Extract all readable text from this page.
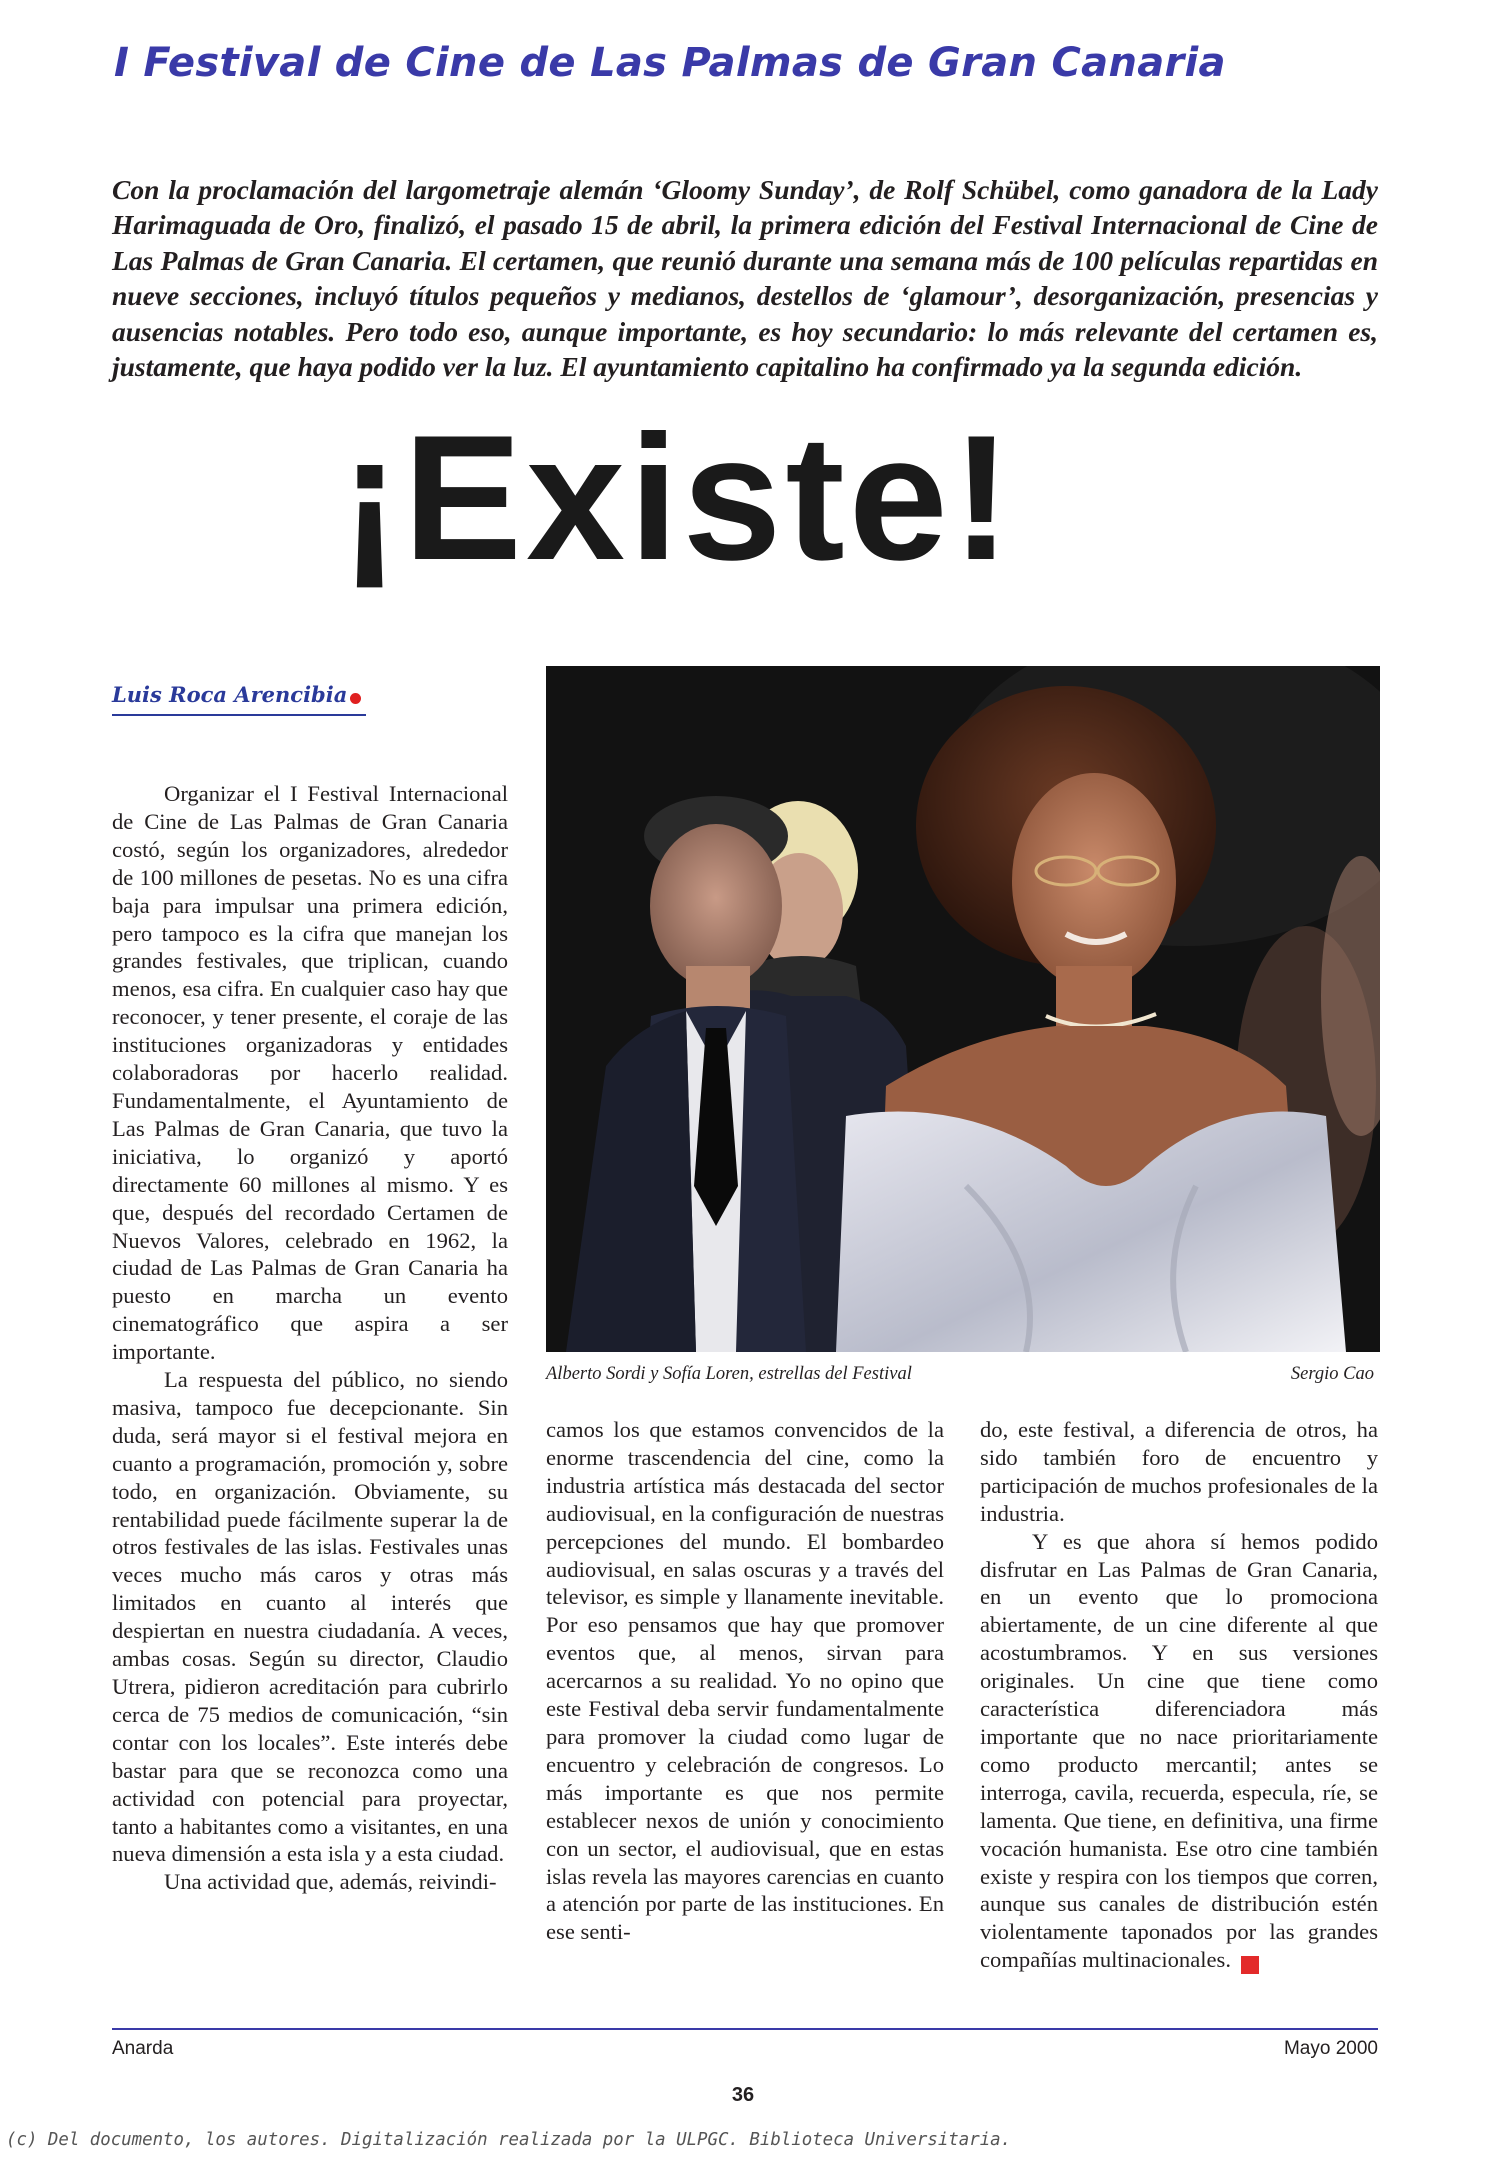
I Festival de Cine de Las Palmas de Gran Canaria
Con la proclamación del largometraje alemán ‘Gloomy Sunday’, de Rolf Schübel, como ganadora de la Lady Harimaguada de Oro, finalizó, el pasado 15 de abril, la primera edición del Festival Internacional de Cine de Las Palmas de Gran Canaria. El certamen, que reunió durante una semana más de 100 películas repartidas en nueve secciones, incluyó títulos pequeños y medianos, destellos de ‘glamour’, desorganización, presencias y ausencias notables. Pero todo eso, aunque importante, es hoy secundario: lo más relevante del certamen es, justamente, que haya podido ver la luz. El ayuntamiento capitalino ha confirmado ya la segunda edición.
¡Existe!
Luis Roca Arencibia
Alberto Sordi y Sofía Loren, estrellas del Festival	Sergio Cao

Organizar el I Festival Internacional de Cine de Las Palmas de Gran Canaria costó, según los organizadores, alrededor de 100 millones de pesetas. No es una cifra baja para impulsar una primera edición, pero tampoco es la cifra que manejan los grandes festivales, que triplican, cuando menos, esa cifra. En cualquier caso hay que reconocer, y tener presente, el coraje de las instituciones organizadoras y entidades colaboradoras por hacerlo realidad. Fundamentalmente, el Ayuntamiento de Las Palmas de Gran Canaria, que tuvo la iniciativa, lo organizó y aportó directamente 60 millones al mismo. Y es que, después del recordado Certamen de Nuevos Valores, celebrado en 1962, la ciudad de Las Palmas de Gran Canaria ha puesto en marcha un evento cinematográfico que aspira a ser importante.

La respuesta del público, no siendo masiva, tampoco fue decepcionante. Sin duda, será mayor si el festival mejora en cuanto a programación, promoción y, sobre todo, en organización. Obviamente, su rentabilidad puede fácilmente superar la de otros festivales de las islas. Festivales unas veces mucho más caros y otras más limitados en cuanto al interés que despiertan en nuestra ciudadanía. A veces, ambas cosas. Según su director, Claudio Utrera, pidieron acreditación para cubrirlo cerca de 75 medios de comunicación, “sin contar con los locales”. Este interés debe bastar para que se reconozca como una actividad con potencial para proyectar, tanto a habitantes como a visitantes, en una nueva dimensión a esta isla y a esta ciudad.

Una actividad que, además, reivindi-

camos los que estamos convencidos de la enorme trascendencia del cine, como la industria artística más destacada del sector audiovisual, en la configuración de nuestras percepciones del mundo. El bombardeo audiovisual, en salas oscuras y a través del televisor, es simple y llanamente inevitable. Por eso pensamos que hay que promover eventos que, al menos, sirvan para acercarnos a su realidad. Yo no opino que este Festival deba servir fundamentalmente para promover la ciudad como lugar de encuentro y celebración de congresos. Lo más importante es que nos permite establecer nexos de unión y conocimiento con un sector, el audiovisual, que en estas islas revela las mayores carencias en cuanto a atención por parte de las instituciones. En ese senti-

do, este festival, a diferencia de otros, ha sido también foro de encuentro y participación de muchos profesionales de la industria.

Y es que ahora sí hemos podido disfrutar en Las Palmas de Gran Canaria, en un evento que lo promociona abiertamente, de un cine diferente al que acostumbramos. Y en sus versiones originales. Un cine que tiene como característica diferenciadora más importante que no nace prioritariamente como producto mercantil; antes se interroga, cavila, recuerda, especula, ríe, se lamenta. Que tiene, en definitiva, una firme vocación humanista. Ese otro cine también existe y respira con los tiempos que corren, aunque sus canales de distribución estén violentamente taponados por las grandes compañías multinacionales.	A

Anarda	Mayo 2000
36
(c) Del documento, los autores. Digitalización realizada por la ULPGC. Biblioteca Universitaria.
